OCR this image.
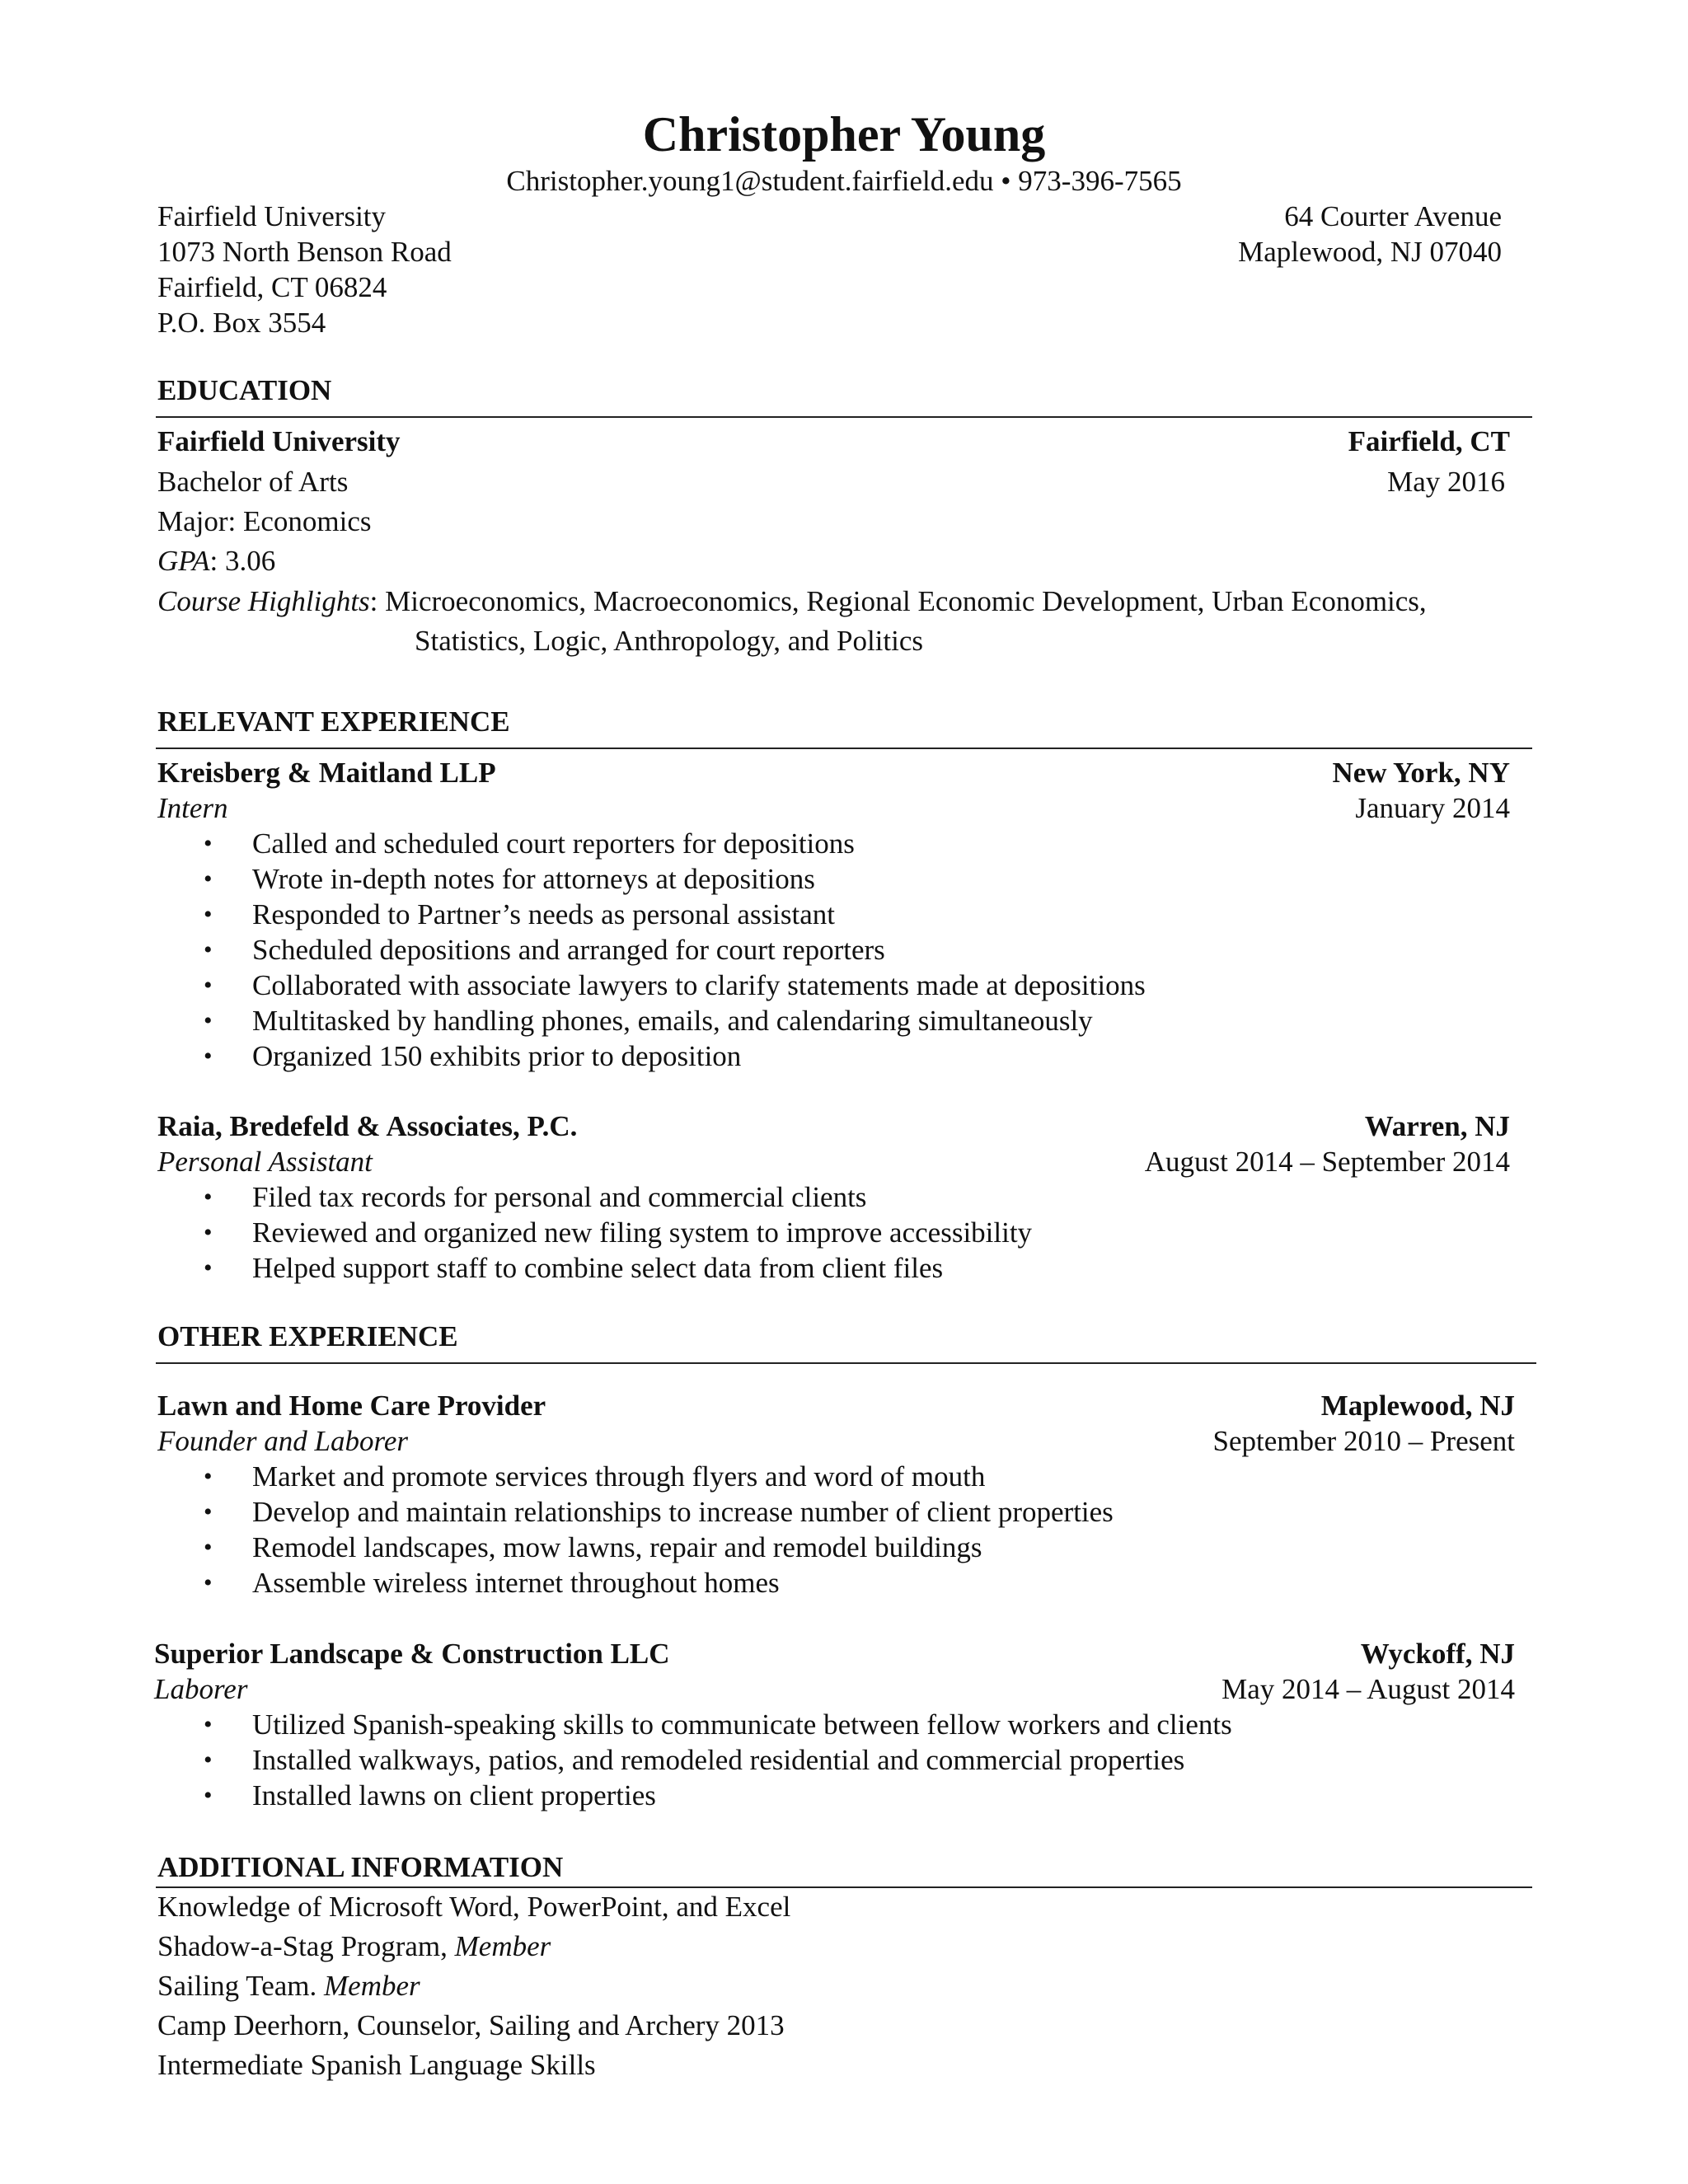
Christopher Young
Christopher.young1@student.fairfield.edu • 973-396-7565
Fairfield University
1073 North Benson Road
Fairfield, CT 06824
P.O. Box 3554
64 Courter Avenue
Maplewood, NJ 07040
EDUCATION
Fairfield University	Fairfield, CT
Bachelor of Arts	May 2016
Major: Economics
GPA: 3.06
Course Highlights: Microeconomics, Macroeconomics, Regional Economic Development, Urban Economics,
Statistics, Logic, Anthropology, and Politics
RELEVANT EXPERIENCE
Kreisberg & Maitland LLP	New York, NY
Intern	January 2014
• Called and scheduled court reporters for depositions
• Wrote in-depth notes for attorneys at depositions
• Responded to Partner’s needs as personal assistant
• Scheduled depositions and arranged for court reporters
• Collaborated with associate lawyers to clarify statements made at depositions
• Multitasked by handling phones, emails, and calendaring simultaneously
• Organized 150 exhibits prior to deposition
Raia, Bredefeld & Associates, P.C.	Warren, NJ
Personal Assistant	August 2014 – September 2014
• Filed tax records for personal and commercial clients
• Reviewed and organized new filing system to improve accessibility
• Helped support staff to combine select data from client files
OTHER EXPERIENCE
Lawn and Home Care Provider	Maplewood, NJ
Founder and Laborer	September 2010 – Present
• Market and promote services through flyers and word of mouth
• Develop and maintain relationships to increase number of client properties
• Remodel landscapes, mow lawns, repair and remodel buildings
• Assemble wireless internet throughout homes
Superior Landscape & Construction LLC	Wyckoff, NJ
Laborer	May 2014 – August 2014
• Utilized Spanish-speaking skills to communicate between fellow workers and clients
• Installed walkways, patios, and remodeled residential and commercial properties
• Installed lawns on client properties
ADDITIONAL INFORMATION
Knowledge of Microsoft Word, PowerPoint, and Excel
Shadow-a-Stag Program, Member
Sailing Team. Member
Camp Deerhorn, Counselor, Sailing and Archery 2013
Intermediate Spanish Language Skills
